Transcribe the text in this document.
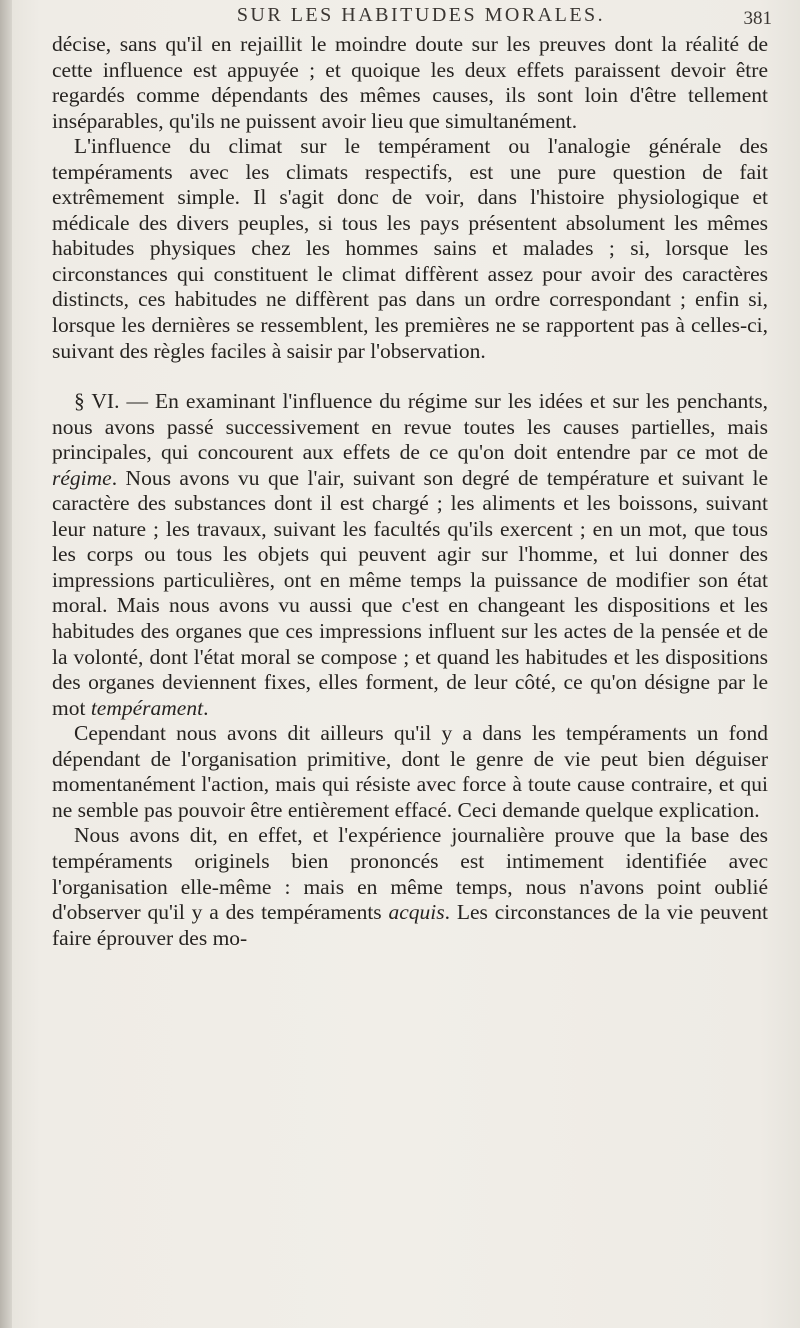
SUR LES HABITUDES MORALES.	381

décise, sans qu'il en rejaillit le moindre doute sur les preuves dont la réalité de cette influence est appuyée ; et quoique les deux effets paraissent devoir être regardés comme dépendants des mêmes causes, ils sont loin d'être tellement inséparables, qu'ils ne puissent avoir lieu que simultanément.

L'influence du climat sur le tempérament ou l'analogie générale des tempéraments avec les climats respectifs, est une pure question de fait extrêmement simple. Il s'agit donc de voir, dans l'histoire physiologique et médicale des divers peuples, si tous les pays présentent absolument les mêmes habitudes physiques chez les hommes sains et malades ; si, lorsque les circonstances qui constituent le climat diffèrent assez pour avoir des caractères distincts, ces habitudes ne diffèrent pas dans un ordre correspondant ; enfin si, lorsque les dernières se ressemblent, les premières ne se rapportent pas à celles-ci, suivant des règles faciles à saisir par l'observation.

§ VI. — En examinant l'influence du régime sur les idées et sur les penchants, nous avons passé successivement en revue toutes les causes partielles, mais principales, qui concourent aux effets de ce qu'on doit entendre par ce mot de régime. Nous avons vu que l'air, suivant son degré de température et suivant le caractère des substances dont il est chargé ; les aliments et les boissons, suivant leur nature ; les travaux, suivant les facultés qu'ils exercent ; en un mot, que tous les corps ou tous les objets qui peuvent agir sur l'homme, et lui donner des impressions particulières, ont en même temps la puissance de modifier son état moral. Mais nous avons vu aussi que c'est en changeant les dispositions et les habitudes des organes que ces impressions influent sur les actes de la pensée et de la volonté, dont l'état moral se compose ; et quand les habitudes et les dispositions des organes deviennent fixes, elles forment, de leur côté, ce qu'on désigne par le mot tempérament.

Cependant nous avons dit ailleurs qu'il y a dans les tempéraments un fond dépendant de l'organisation primitive, dont le genre de vie peut bien déguiser momentanément l'action, mais qui résiste avec force à toute cause contraire, et qui ne semble pas pouvoir être entièrement effacé. Ceci demande quelque explication.

Nous avons dit, en effet, et l'expérience journalière prouve que la base des tempéraments originels bien prononcés est intimement identifiée avec l'organisation elle-même : mais en même temps, nous n'avons point oublié d'observer qu'il y a des tempéraments acquis. Les circonstances de la vie peuvent faire éprouver des mo-
